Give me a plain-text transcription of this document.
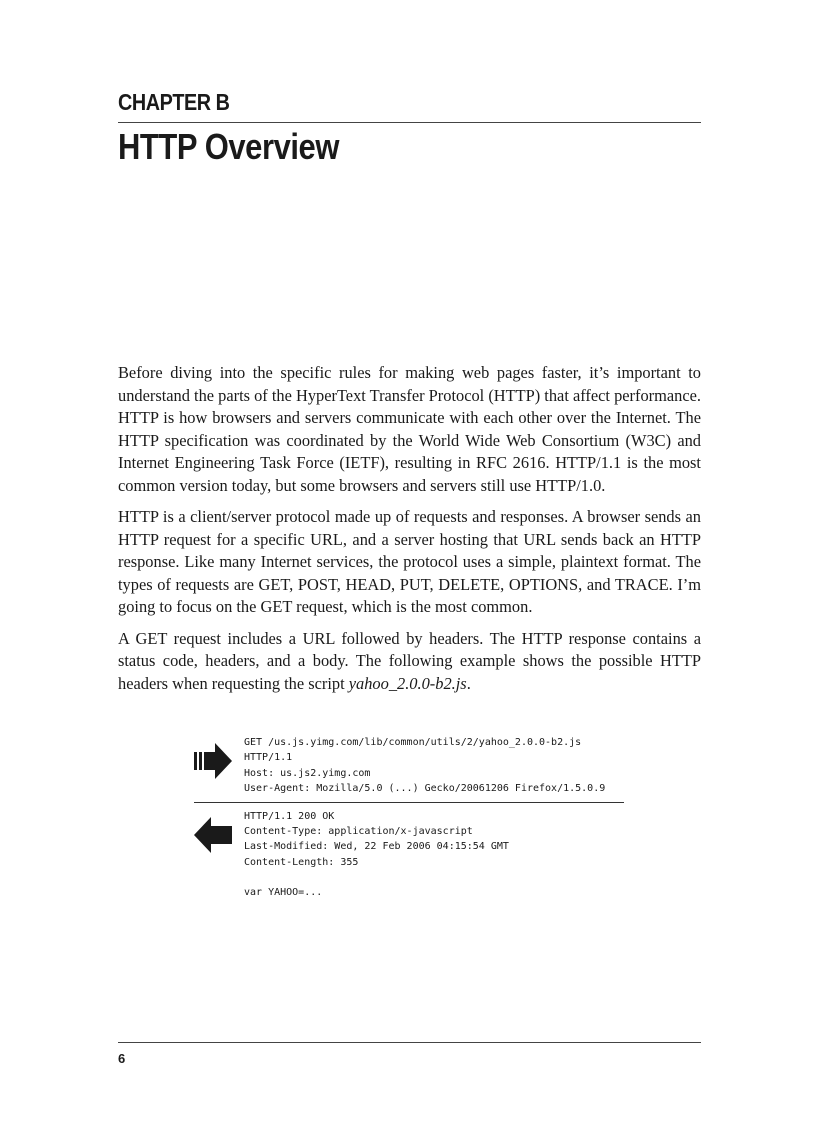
CHAPTER B
HTTP Overview

Before diving into the specific rules for making web pages faster, it’s important to understand the parts of the HyperText Transfer Protocol (HTTP) that affect performance. HTTP is how browsers and servers communicate with each other over the Internet. The HTTP specification was coordinated by the World Wide Web Consortium (W3C) and Internet Engineering Task Force (IETF), resulting in RFC 2616. HTTP/1.1 is the most common version today, but some browsers and servers still use HTTP/1.0.

HTTP is a client/server protocol made up of requests and responses. A browser sends an HTTP request for a specific URL, and a server hosting that URL sends back an HTTP response. Like many Internet services, the protocol uses a simple, plaintext format. The types of requests are GET, POST, HEAD, PUT, DELETE, OPTIONS, and TRACE. I’m going to focus on the GET request, which is the most common.

A GET request includes a URL followed by headers. The HTTP response contains a status code, headers, and a body. The following example shows the possible HTTP headers when requesting the script yahoo_2.0.0-b2.js.

GET /us.js.yimg.com/lib/common/utils/2/yahoo_2.0.0-b2.js
HTTP/1.1
Host: us.js2.yimg.com
User-Agent: Mozilla/5.0 (...) Gecko/20061206 Firefox/1.5.0.9
HTTP/1.1 200 OK
Content-Type: application/x-javascript
Last-Modified: Wed, 22 Feb 2006 04:15:54 GMT
Content-Length: 355
var YAHOO=...
6
